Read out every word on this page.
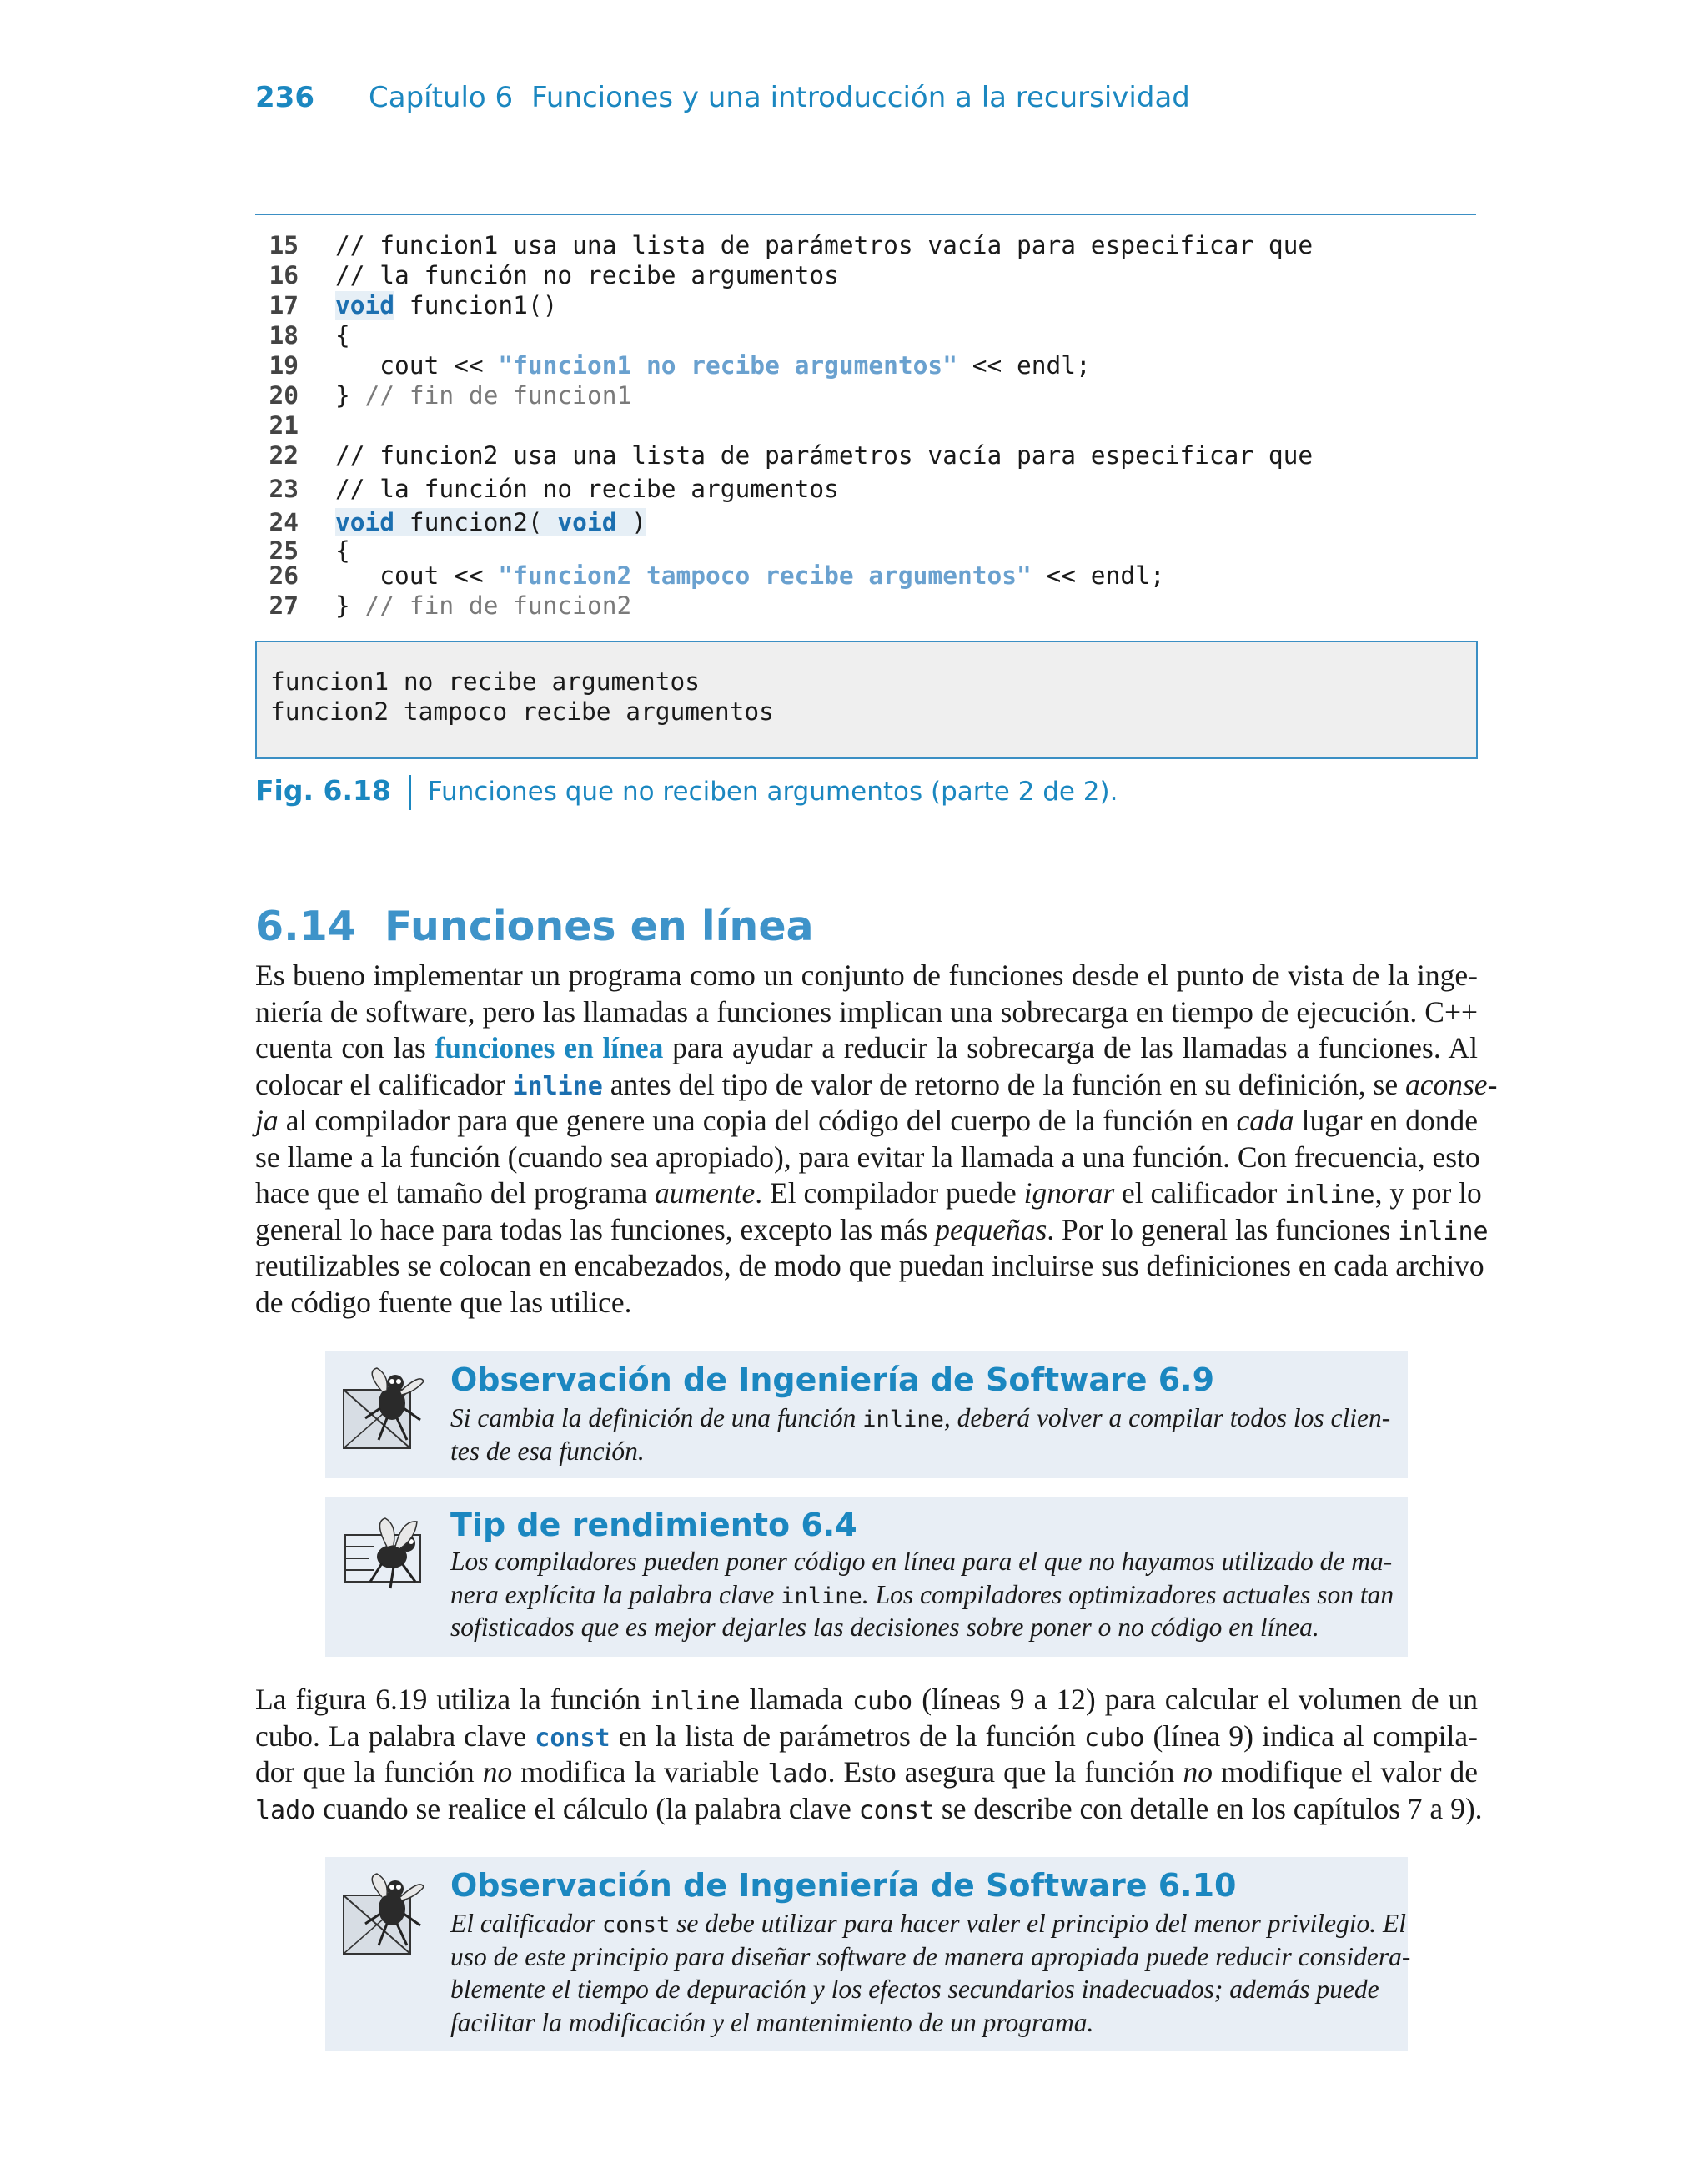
236 Capítulo 6 Funciones y una introducción a la recursividad
15 // funcion1 usa una lista de parámetros vacía para especificar que
16 // la función no recibe argumentos
17 void funcion1()
18 {
19 cout << "funcion1 no recibe argumentos" << endl;
20 } // fin de funcion1
21
22 // funcion2 usa una lista de parámetros vacía para especificar que
23 // la función no recibe argumentos
24 void funcion2( void )
25 {
26 cout << "funcion2 tampoco recibe argumentos" << endl;
27 } // fin de funcion2
funcion1 no recibe argumentos
funcion2 tampoco recibe argumentos
Fig. 6.18 Funciones que no reciben argumentos (parte 2 de 2).
6.14  Funciones en línea
Es bueno implementar un programa como un conjunto de funciones desde el punto de vista de la inge-
niería de software, pero las llamadas a funciones implican una sobrecarga en tiempo de ejecución. C++
cuenta con las funciones en línea para ayudar a reducir la sobrecarga de las llamadas a funciones. Al
colocar el calificador inline antes del tipo de valor de retorno de la función en su definición, se aconse-
ja al compilador para que genere una copia del código del cuerpo de la función en cada lugar en donde
se llame a la función (cuando sea apropiado), para evitar la llamada a una función. Con frecuencia, esto
hace que el tamaño del programa aumente. El compilador puede ignorar el calificador inline, y por lo
general lo hace para todas las funciones, excepto las más pequeñas. Por lo general las funciones inline
reutilizables se colocan en encabezados, de modo que puedan incluirse sus definiciones en cada archivo
de código fuente que las utilice.
Observación de Ingeniería de Software 6.9
Si cambia la definición de una función inline, deberá volver a compilar todos los clien-
tes de esa función.
Tip de rendimiento 6.4
Los compiladores pueden poner código en línea para el que no hayamos utilizado de ma-
nera explícita la palabra clave inline. Los compiladores optimizadores actuales son tan
sofisticados que es mejor dejarles las decisiones sobre poner o no código en línea.
La figura 6.19 utiliza la función inline llamada cubo (líneas 9 a 12) para calcular el volumen de un
cubo. La palabra clave const en la lista de parámetros de la función cubo (línea 9) indica al compila-
dor que la función no modifica la variable lado. Esto asegura que la función no modifique el valor de
lado cuando se realice el cálculo (la palabra clave const se describe con detalle en los capítulos 7 a 9).
Observación de Ingeniería de Software 6.10
El calificador const se debe utilizar para hacer valer el principio del menor privilegio. El
uso de este principio para diseñar software de manera apropiada puede reducir considera-
blemente el tiempo de depuración y los efectos secundarios inadecuados; además puede
facilitar la modificación y el mantenimiento de un programa.
